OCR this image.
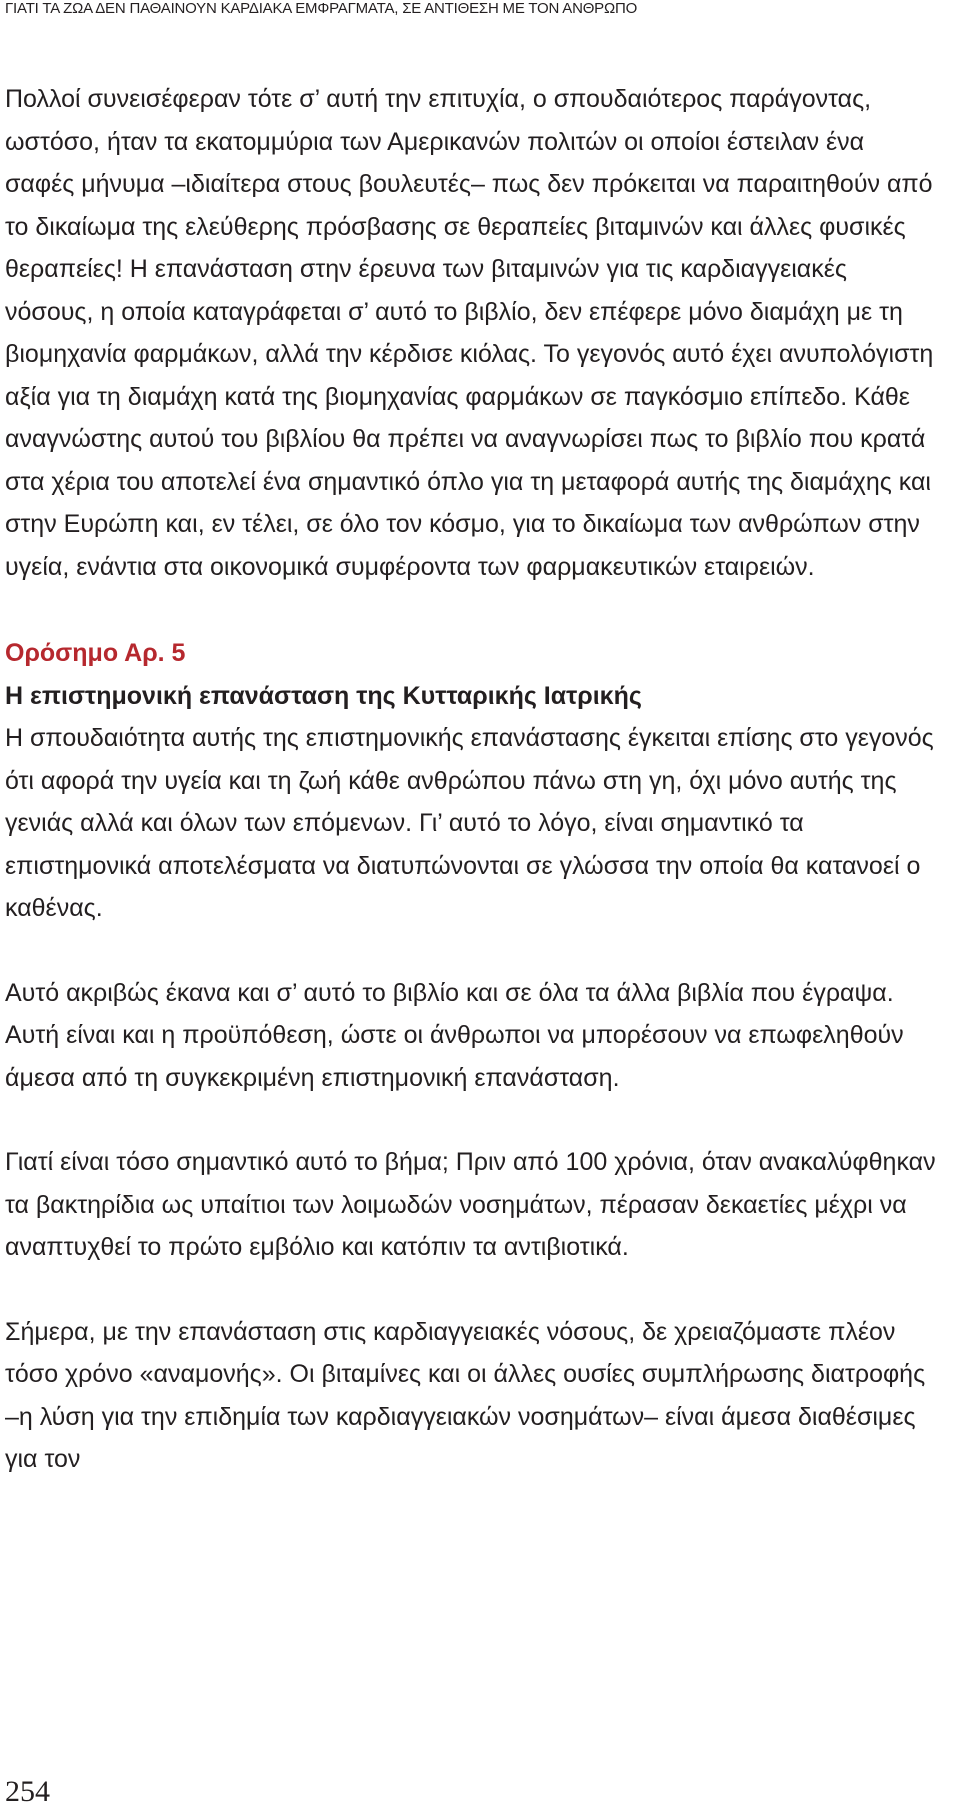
ΓΙΑΤΙ ΤΑ ΖΩΑ ΔΕΝ ΠΑΘΑΙΝΟΥΝ ΚΑΡΔΙΑΚΑ ΕΜΦΡΑΓΜΑΤΑ, ΣΕ ΑΝΤΙΘΕΣΗ ΜΕ ΤΟΝ ΑΝΘΡΩΠΟ

Πολλοί συνεισέφεραν τότε σ’ αυτή την επιτυχία, ο σπουδαιότερος παράγοντας, ωστόσο, ήταν τα εκατομμύρια των Αμερικανών πολιτών οι οποίοι έστειλαν ένα σαφές μήνυμα –ιδιαίτερα στους βουλευτές– πως δεν πρόκειται να παραιτηθούν από το δικαίωμα της ελεύθερης πρόσβασης σε θεραπείες βιταμινών και άλλες φυσικές θεραπείες! Η επανάσταση στην έρευνα των βιταμινών για τις καρδιαγγειακές νόσους, η οποία καταγράφεται σ’ αυτό το βιβλίο, δεν επέφερε μόνο διαμάχη με τη βιομηχανία φαρμάκων, αλλά την κέρδισε κιόλας. Το γεγονός αυτό έχει ανυπολόγιστη αξία για τη διαμάχη κατά της βιομηχανίας φαρμάκων σε παγκόσμιο επίπεδο. Κάθε αναγνώστης αυτού του βιβλίου θα πρέπει να αναγνωρίσει πως το βιβλίο που κρατά στα χέρια του αποτελεί ένα σημαντικό όπλο για τη μεταφορά αυτής της διαμάχης και στην Ευρώπη και, εν τέλει, σε όλο τον κόσμο, για το δικαίωμα των ανθρώπων στην υγεία, ενάντια στα οικονομικά συμφέροντα των φαρμακευτικών εταιρειών.

Ορόσημο Αρ. 5

Η επιστημονική επανάσταση της Κυτταρικής Ιατρικής

Η σπουδαιότητα αυτής της επιστημονικής επανάστασης έγκειται επίσης στο γεγονός ότι αφορά την υγεία και τη ζωή κάθε ανθρώπου πάνω στη γη, όχι μόνο αυτής της γενιάς αλλά και όλων των επόμενων. Γι’ αυτό το λόγο, είναι σημαντικό τα επιστημονικά αποτελέσματα να διατυπώνονται σε γλώσσα την οποία θα κατανοεί ο καθένας.

Αυτό ακριβώς έκανα και σ’ αυτό το βιβλίο και σε όλα τα άλλα βιβλία που έγραψα. Αυτή είναι και η προϋπόθεση, ώστε οι άνθρωποι να μπορέσουν να επωφεληθούν άμεσα από τη συγκεκριμένη επιστημονική επανάσταση.

Γιατί είναι τόσο σημαντικό αυτό το βήμα; Πριν από 100 χρόνια, όταν ανακαλύφθηκαν τα βακτηρίδια ως υπαίτιοι των λοιμωδών νοσημάτων, πέρασαν δεκαετίες μέχρι να αναπτυχθεί το πρώτο εμβόλιο και κατόπιν τα αντιβιοτικά.

Σήμερα, με την επανάσταση στις καρδιαγγειακές νόσους, δε χρειαζόμαστε πλέον τόσο χρόνο «αναμονής». Οι βιταμίνες και οι άλλες ουσίες συμπλήρωσης διατροφής –η λύση για την επιδημία των καρδιαγγειακών νοσημάτων– είναι άμεσα διαθέσιμες για τον

254
